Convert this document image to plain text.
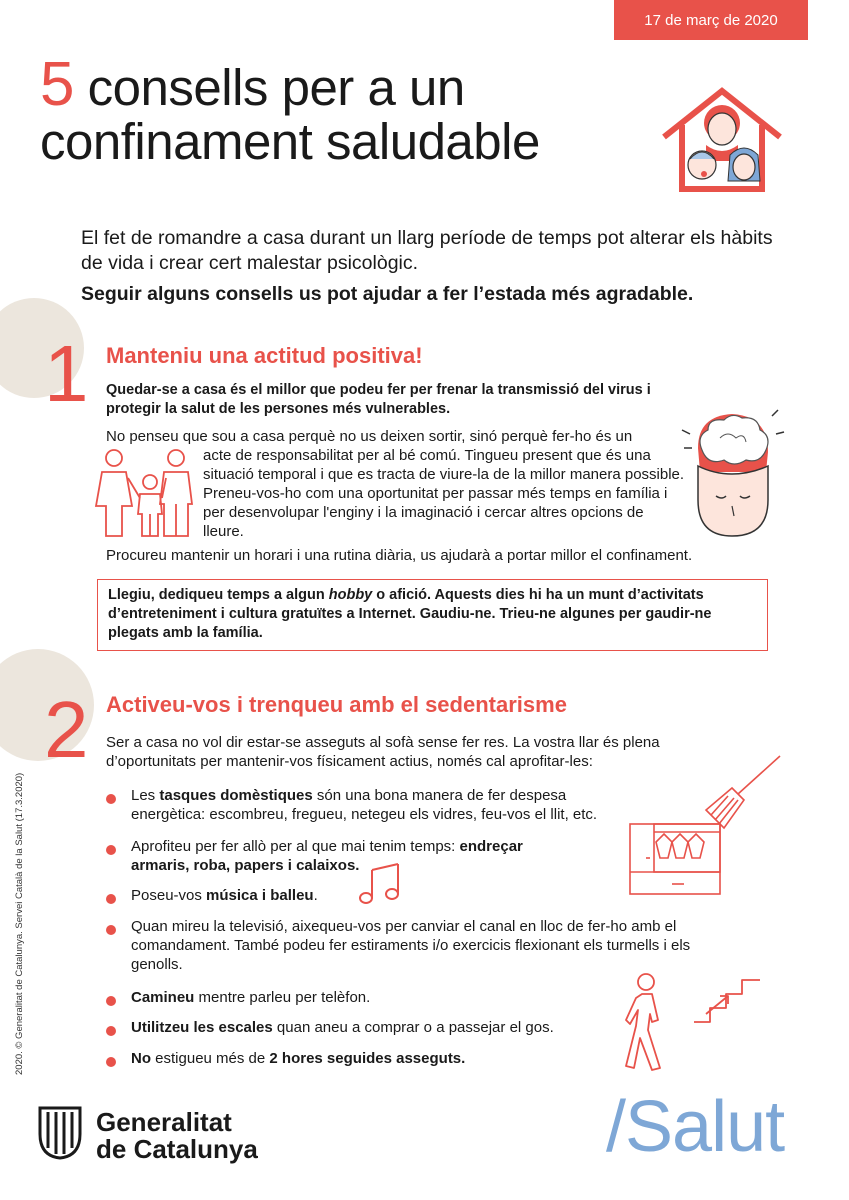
17 de març de 2020
5 consells per a un
confinament saludable
El fet de romandre a casa durant un llarg període de temps pot alterar els hàbits de vida i crear cert malestar psicològic.
Seguir alguns consells us pot ajudar a fer l’estada més agradable.
1 Manteniu una actitud positiva!
Quedar-se a casa és el millor que podeu fer per frenar la transmissió del virus i protegir la salut de les persones més vulnerables.
No penseu que sou a casa perquè no us deixen sortir, sinó perquè fer-ho és un
acte de responsabilitat per al bé comú. Tingueu present que és una situació temporal i que es tracta de viure-la de la millor manera possible. Preneu-vos-ho com una oportunitat per passar més temps en família i per desenvolupar l'enginy i la imaginació i cercar altres opcions de lleure.
Procureu mantenir un horari i una rutina diària, us ajudarà a portar millor el confinament.
Llegiu, dediqueu temps a algun hobby o afició. Aquests dies hi ha un munt d’activitats d’entreteniment i cultura gratuïtes a Internet. Gaudiu-ne. Trieu-ne algunes per gaudir-ne plegats amb la família.
2 Activeu-vos i trenqueu amb el sedentarisme
Ser a casa no vol dir estar-se asseguts al sofà sense fer res. La vostra llar és plena d’oportunitats per mantenir-vos físicament actius, només cal aprofitar-les:
Les tasques domèstiques són una bona manera de fer despesa energètica: escombreu, fregueu, netegeu els vidres, feu-vos el llit, etc.
Aprofiteu per fer allò per al que mai tenim temps: endreçar armaris, roba, papers i calaixos.
Poseu-vos música i balleu.
Quan mireu la televisió, aixequeu-vos per canviar el canal en lloc de fer-ho amb el comandament. També podeu fer estiraments i/o exercicis flexionant els turmells i els genolls.
Camineu mentre parleu per telèfon.
Utilitzeu les escales quan aneu a comprar o a passejar el gos.
No estigueu més de 2 hores seguides asseguts.
2020. © Generalitat de Catalunya. Servei Català de la Salut (17.3.2020)
Generalitat
de Catalunya	/Salut
